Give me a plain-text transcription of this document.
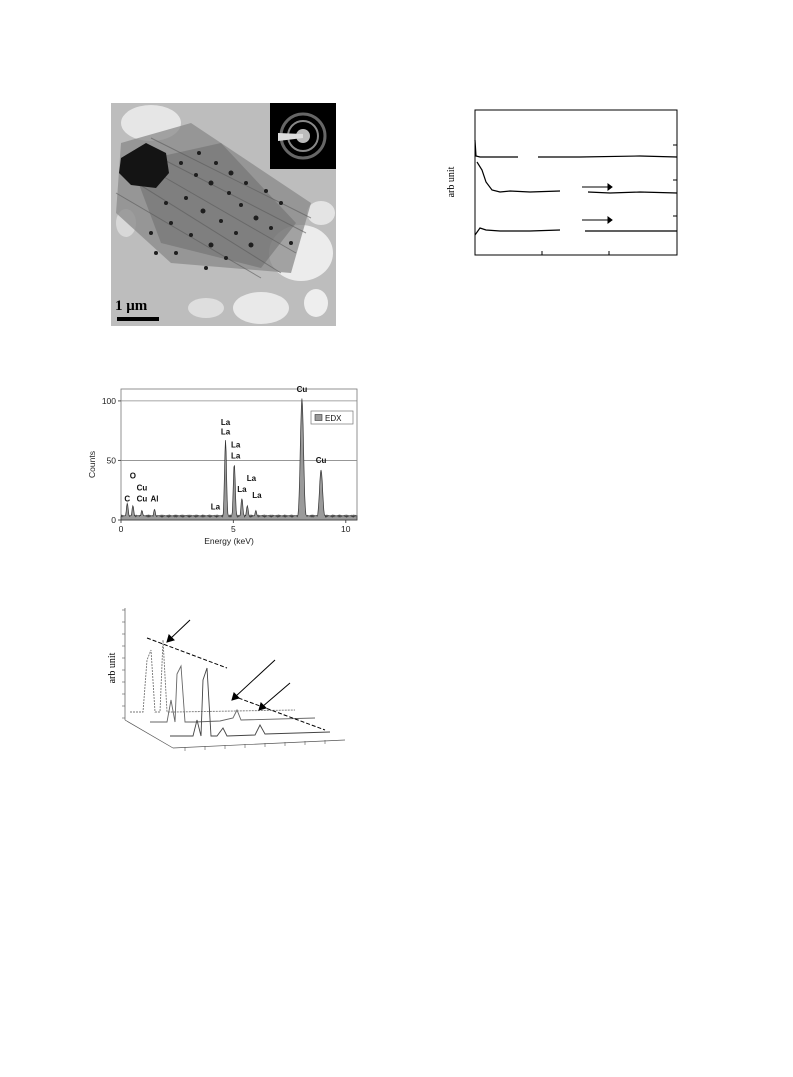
1 μm
arb unit
0
50
100
0	5	10
Energy (keV)
Counts
C
O
Cu
Cu Al
La
La
La
La
La
La
La
La
Cu
Cu
EDX
arb unit
